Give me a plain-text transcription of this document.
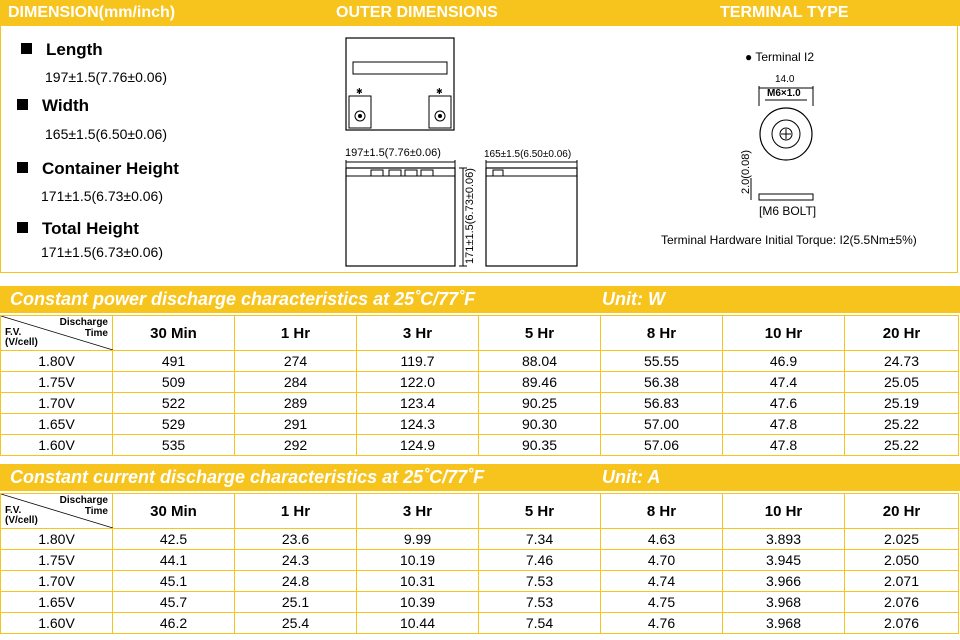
DIMENSION(mm/inch)	OUTER DIMENSIONS	TERMINAL TYPE
Length
197±1.5(7.76±0.06)
Width
165±1.5(6.50±0.06)
Container Height
171±1.5(6.73±0.06)
Total Height
171±1.5(6.73±0.06)
✱	✱
197±1.5(7.76±0.06)
171±1.5(6.73±0.06)
165±1.5(6.50±0.06)
● Terminal I2
14.0
M6×1.0
2.0(0.08)
[M6 BOLT]
Terminal Hardware Initial Torque: I2(5.5Nm±5%)
Constant power discharge characteristics at 25˚C/77˚F	Unit: W
Discharge
Time
F.V.
(V/cell)	30 Min	1 Hr	3 Hr	5 Hr	8 Hr	10 Hr	20 Hr
1.80V	491	274	119.7	88.04	55.55	46.9	24.73
1.75V	509	284	122.0	89.46	56.38	47.4	25.05
1.70V	522	289	123.4	90.25	56.83	47.6	25.19
1.65V	529	291	124.3	90.30	57.00	47.8	25.22
1.60V	535	292	124.9	90.35	57.06	47.8	25.22
Constant current discharge characteristics at 25˚C/77˚F	Unit: A
Discharge
Time
F.V.
(V/cell)	30 Min	1 Hr	3 Hr	5 Hr	8 Hr	10 Hr	20 Hr
1.80V	42.5	23.6	9.99	7.34	4.63	3.893	2.025
1.75V	44.1	24.3	10.19	7.46	4.70	3.945	2.050
1.70V	45.1	24.8	10.31	7.53	4.74	3.966	2.071
1.65V	45.7	25.1	10.39	7.53	4.75	3.968	2.076
1.60V	46.2	25.4	10.44	7.54	4.76	3.968	2.076
